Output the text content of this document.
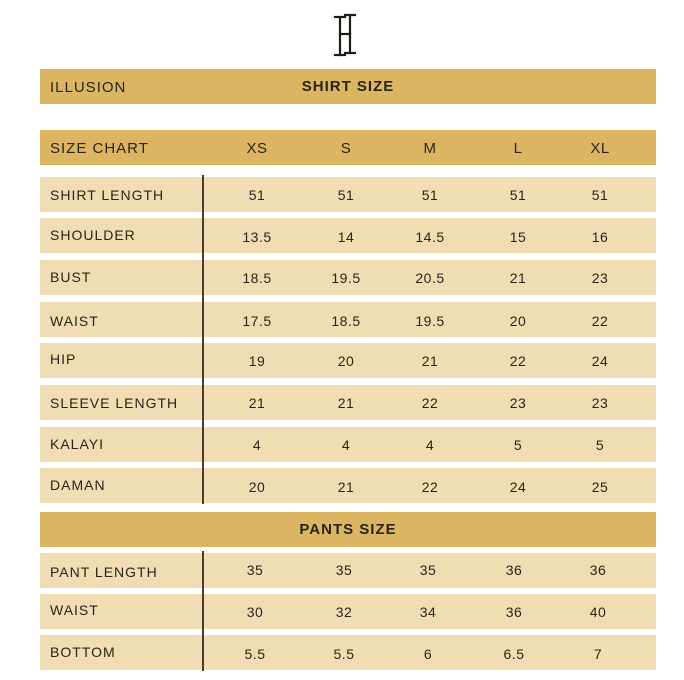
ILLUSION	SHIRT SIZE
SIZE CHART	XS	S	M	L	XL
SHIRT LENGTH	51	51	51	51	51
SHOULDER	13.5	14	14.5	15	16
BUST	18.5	19.5	20.5	21	23
WAIST	17.5	18.5	19.5	20	22
HIP	19	20	21	22	24
SLEEVE LENGTH	21	21	22	23	23
KALAYI	4	4	4	5	5
DAMAN	20	21	22	24	25
PANTS SIZE
PANT LENGTH	35	35	35	36	36
WAIST	30	32	34	36	40
BOTTOM	5.5	5.5	6	6.5	7
